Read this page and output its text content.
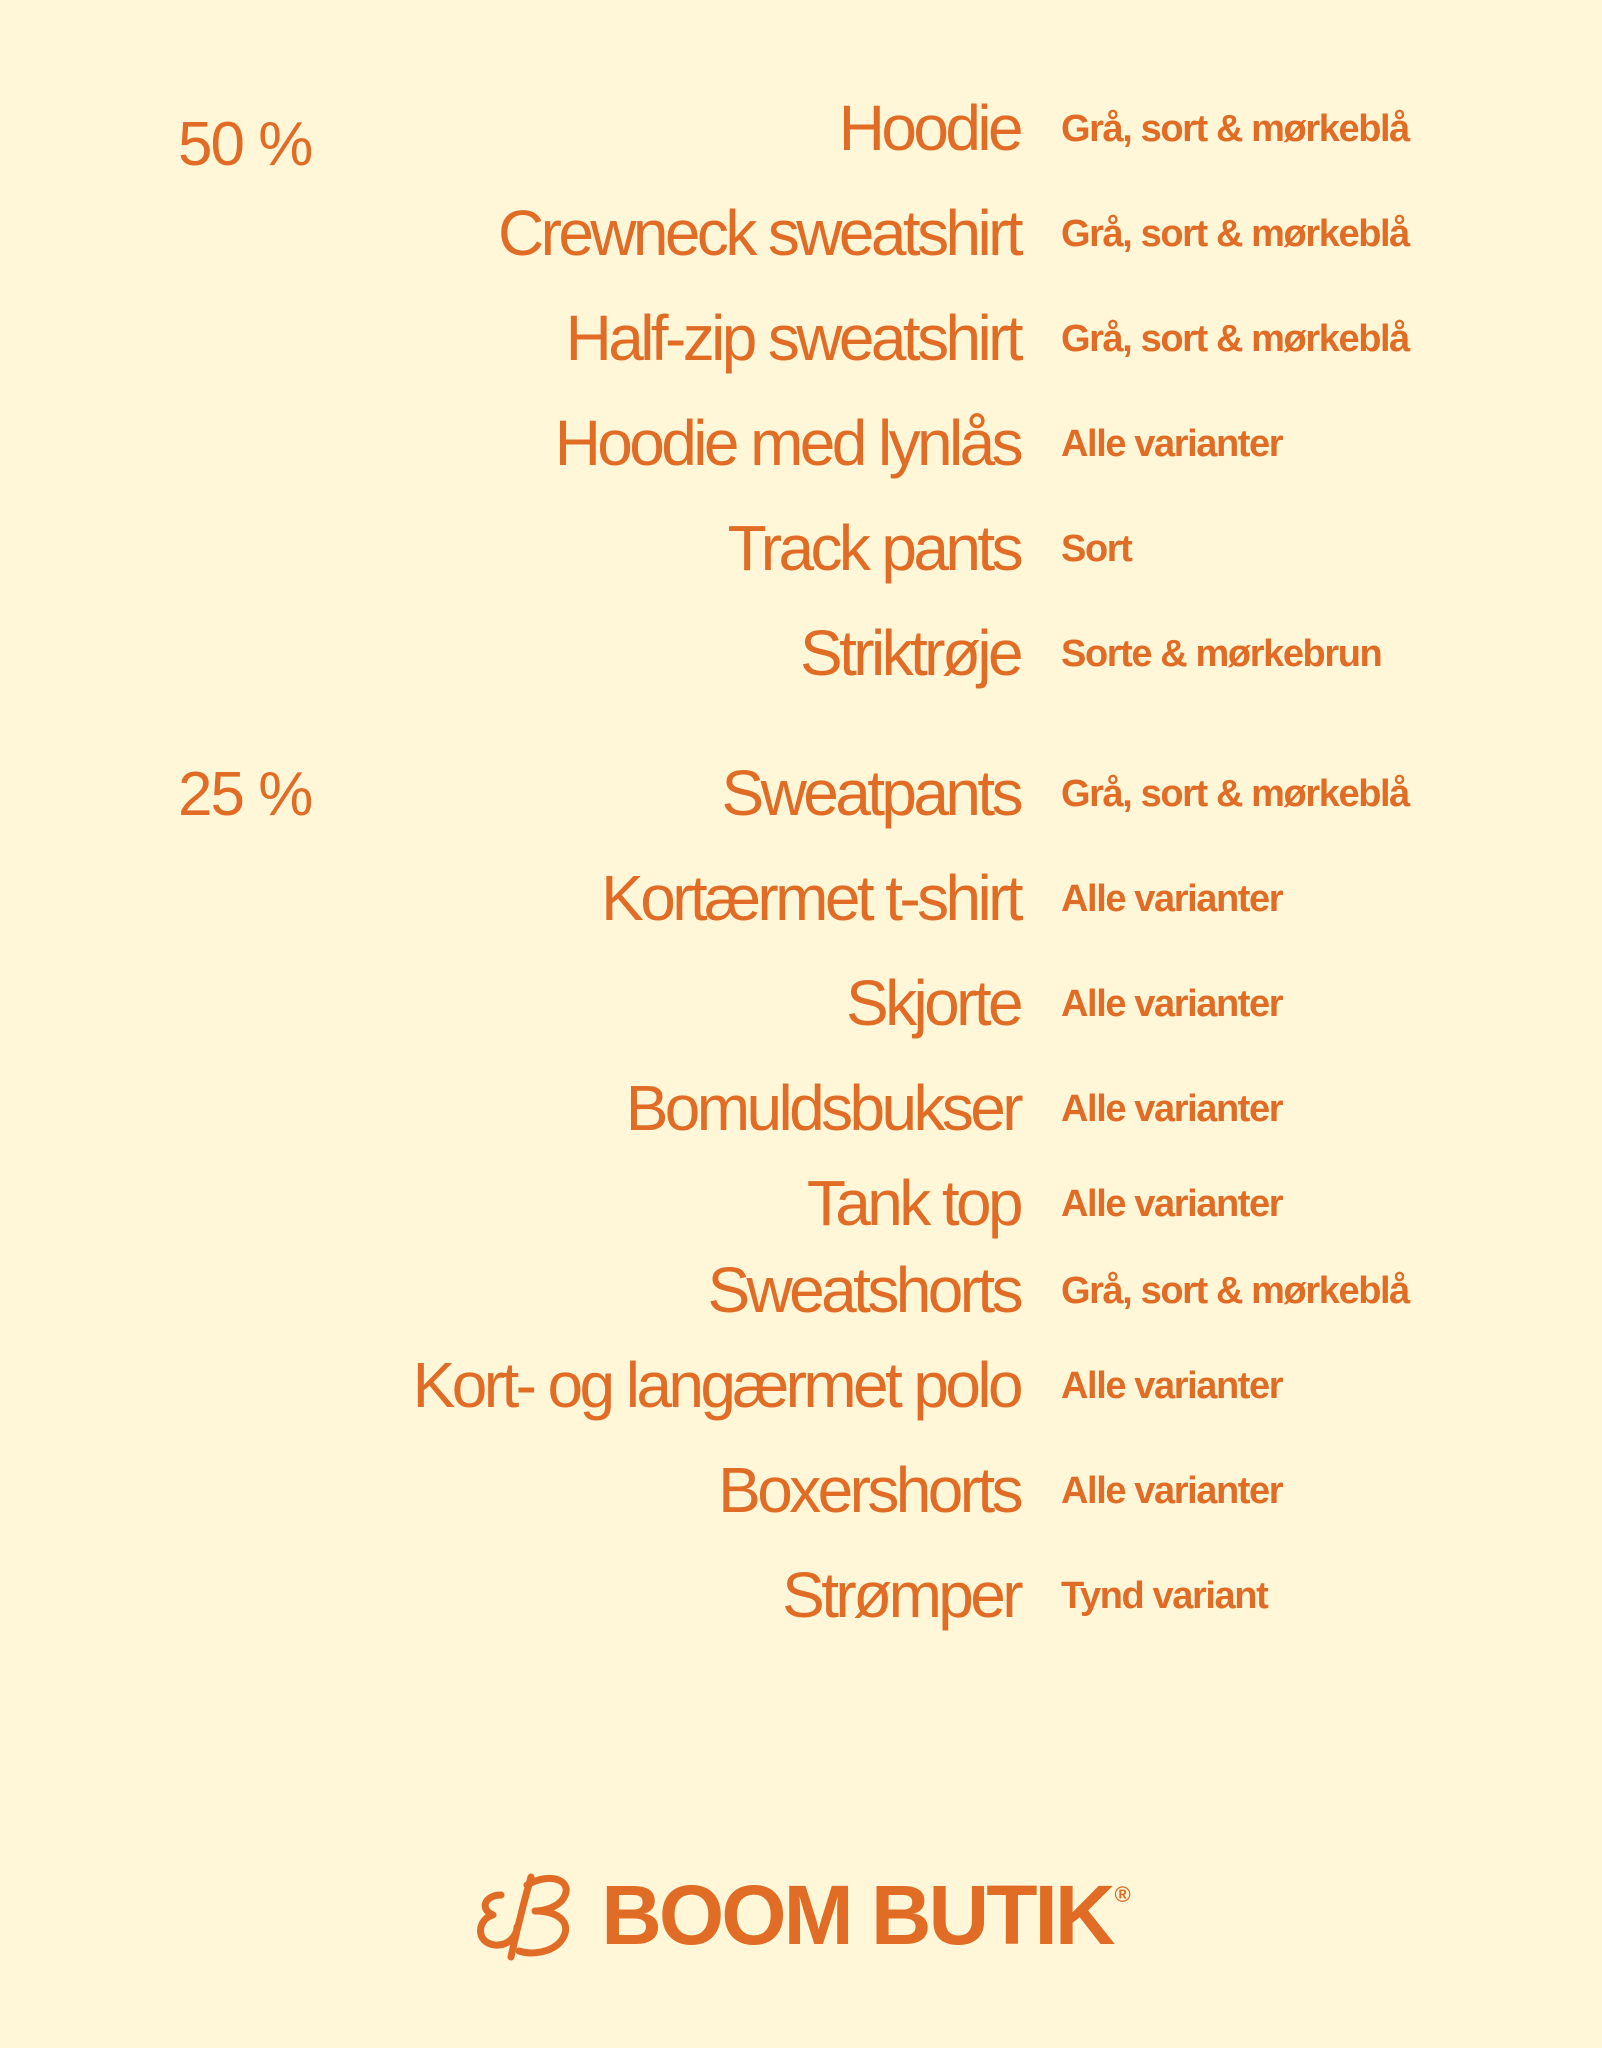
50 %	Hoodie Grå, sort & mørkeblå
Crewneck sweatshirt Grå, sort & mørkeblå
Half-zip sweatshirt Grå, sort & mørkeblå
Hoodie med lynlås Alle varianter
Track pants Sort
Striktrøje Sorte & mørkebrun
25 %	Sweatpants Grå, sort & mørkeblå
Kortærmet t-shirt Alle varianter
Skjorte Alle varianter
Bomuldsbukser Alle varianter
Tank top Alle varianter
Sweatshorts Grå, sort & mørkeblå
Kort- og langærmet polo Alle varianter
Boxershorts Alle varianter
Strømper Tynd variant
BOOM BUTIK ®
